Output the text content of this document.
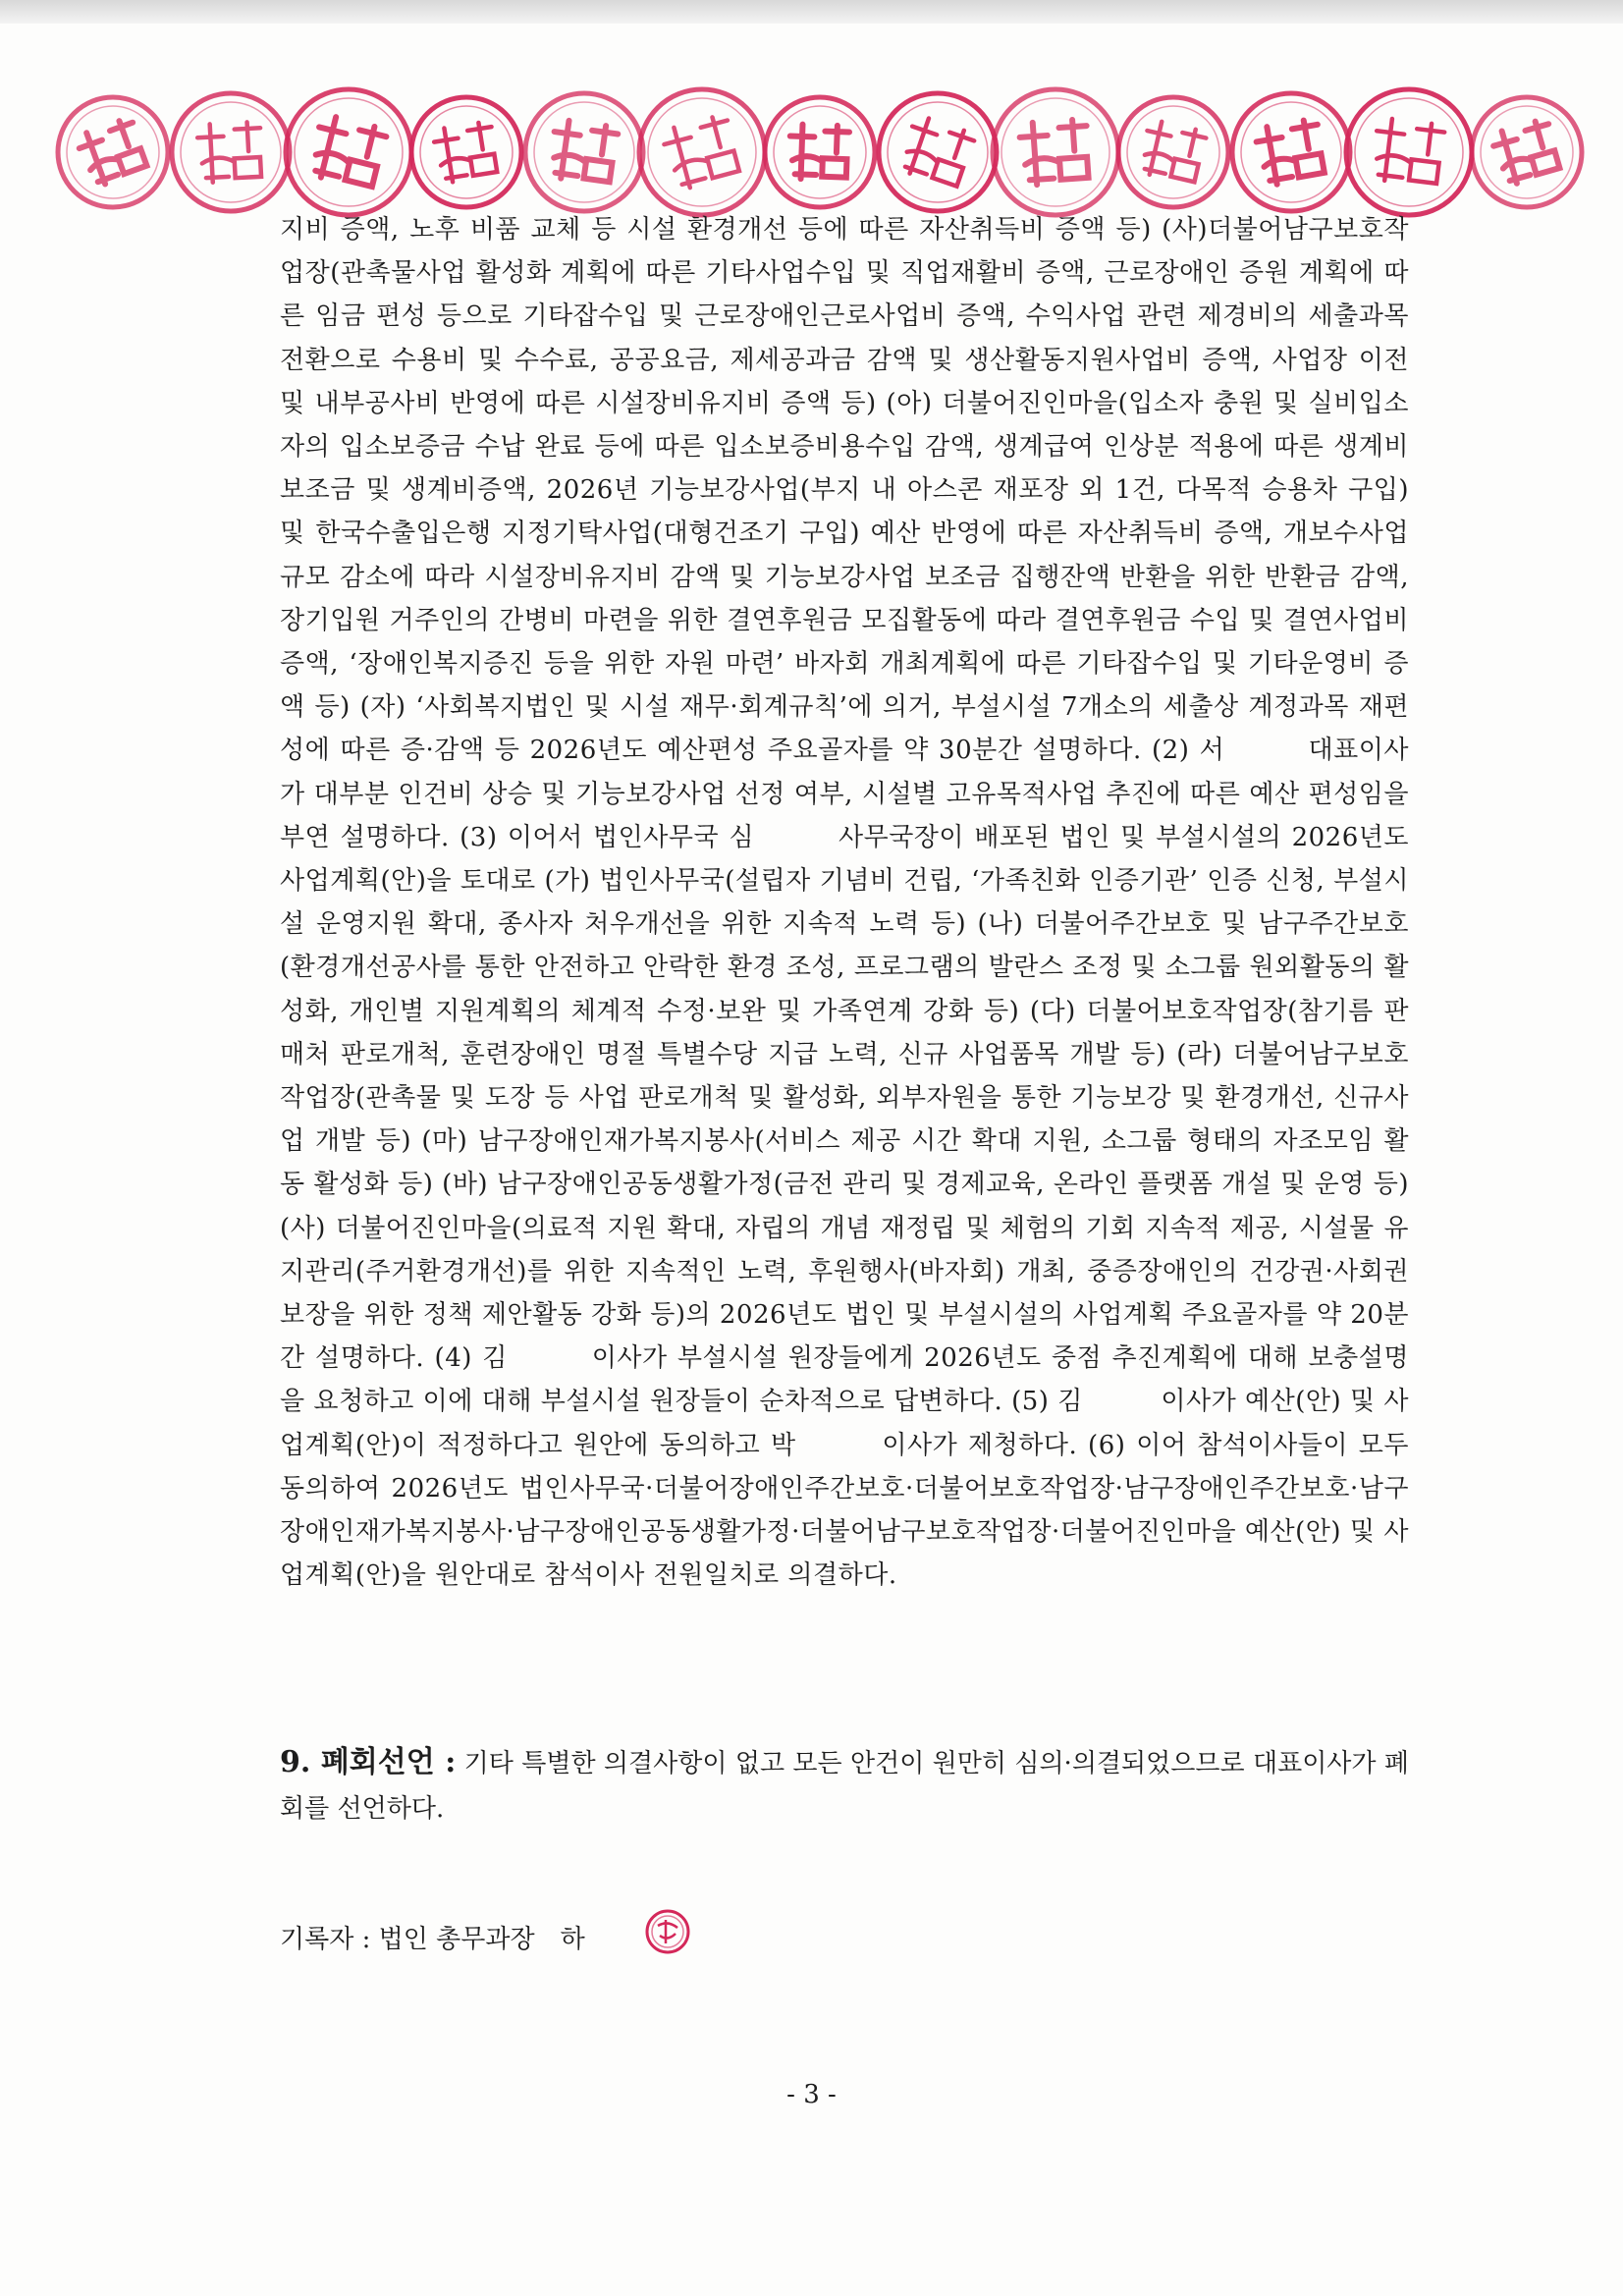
지비 증액, 노후 비품 교체 등 시설 환경개선 등에 따른 자산취득비 증액 등) (사)더불어남구보호작업장(관촉물사업 활성화 계획에 따른 기타사업수입 및 직업재활비 증액, 근로장애인 증원 계획에 따른 임금 편성 등으로 기타잡수입 및 근로장애인근로사업비 증액, 수익사업 관련 제경비의 세출과목 전환으로 수용비 및 수수료, 공공요금, 제세공과금 감액 및 생산활동지원사업비 증액, 사업장 이전 및 내부공사비 반영에 따른 시설장비유지비 증액 등) (아) 더불어진인마을(입소자 충원 및 실비입소자의 입소보증금 수납 완료 등에 따른 입소보증비용수입 감액, 생계급여 인상분 적용에 따른 생계비보조금 및 생계비증액, 2026년 기능보강사업(부지 내 아스콘 재포장 외 1건, 다목적 승용차 구입) 및 한국수출입은행 지정기탁사업(대형건조기 구입) 예산 반영에 따른 자산취득비 증액, 개보수사업규모 감소에 따라 시설장비유지비 감액 및 기능보강사업 보조금 집행잔액 반환을 위한 반환금 감액, 장기입원 거주인의 간병비 마련을 위한 결연후원금 모집활동에 따라 결연후원금 수입 및 결연사업비 증액, ‘장애인복지증진 등을 위한 자원 마련’ 바자회 개최계획에 따른 기타잡수입 및 기타운영비 증액 등) (자) ‘사회복지법인 및 시설 재무·회계규칙’에 의거, 부설시설 7개소의 세출상 계정과목 재편성에 따른 증·감액 등 2026년도 예산편성 주요골자를 약 30분간 설명하다. (2) 서　　　대표이사가 대부분 인건비 상승 및 기능보강사업 선정 여부, 시설별 고유목적사업 추진에 따른 예산 편성임을 부연 설명하다. (3) 이어서 법인사무국 심　　　사무국장이 배포된 법인 및 부설시설의 2026년도 사업계획(안)을 토대로 (가) 법인사무국(설립자 기념비 건립, ‘가족친화 인증기관’ 인증 신청, 부설시설 운영지원 확대, 종사자 처우개선을 위한 지속적 노력 등) (나) 더불어주간보호 및 남구주간보호(환경개선공사를 통한 안전하고 안락한 환경 조성, 프로그램의 발란스 조정 및 소그룹 원외활동의 활성화, 개인별 지원계획의 체계적 수정·보완 및 가족연계 강화 등) (다) 더불어보호작업장(참기름 판매처 판로개척, 훈련장애인 명절 특별수당 지급 노력, 신규 사업품목 개발 등) (라) 더불어남구보호작업장(관촉물 및 도장 등 사업 판로개척 및 활성화, 외부자원을 통한 기능보강 및 환경개선, 신규사업 개발 등) (마) 남구장애인재가복지봉사(서비스 제공 시간 확대 지원, 소그룹 형태의 자조모임 활동 활성화 등) (바) 남구장애인공동생활가정(금전 관리 및 경제교육, 온라인 플랫폼 개설 및 운영 등) (사) 더불어진인마을(의료적 지원 확대, 자립의 개념 재정립 및 체험의 기회 지속적 제공, 시설물 유지관리(주거환경개선)를 위한 지속적인 노력, 후원행사(바자회) 개최, 중증장애인의 건강권·사회권 보장을 위한 정책 제안활동 강화 등)의 2026년도 법인 및 부설시설의 사업계획 주요골자를 약 20분간 설명하다. (4) 김　　　이사가 부설시설 원장들에게 2026년도 중점 추진계획에 대해 보충설명을 요청하고 이에 대해 부설시설 원장들이 순차적으로 답변하다. (5) 김　　　이사가 예산(안) 및 사업계획(안)이 적정하다고 원안에 동의하고 박　　　이사가 제청하다. (6) 이어 참석이사들이 모두 동의하여 2026년도 법인사무국·더불어장애인주간보호·더불어보호작업장·남구장애인주간보호·남구장애인재가복지봉사·남구장애인공동생활가정·더불어남구보호작업장·더불어진인마을 예산(안) 및 사업계획(안)을 원안대로 참석이사 전원일치로 의결하다.
9. 폐회선언 : 기타 특별한 의결사항이 없고 모든 안건이 원만히 심의·의결되었으므로 대표이사가 폐회를 선언하다.
기록자 : 법인 총무과장　하
- 3 -
